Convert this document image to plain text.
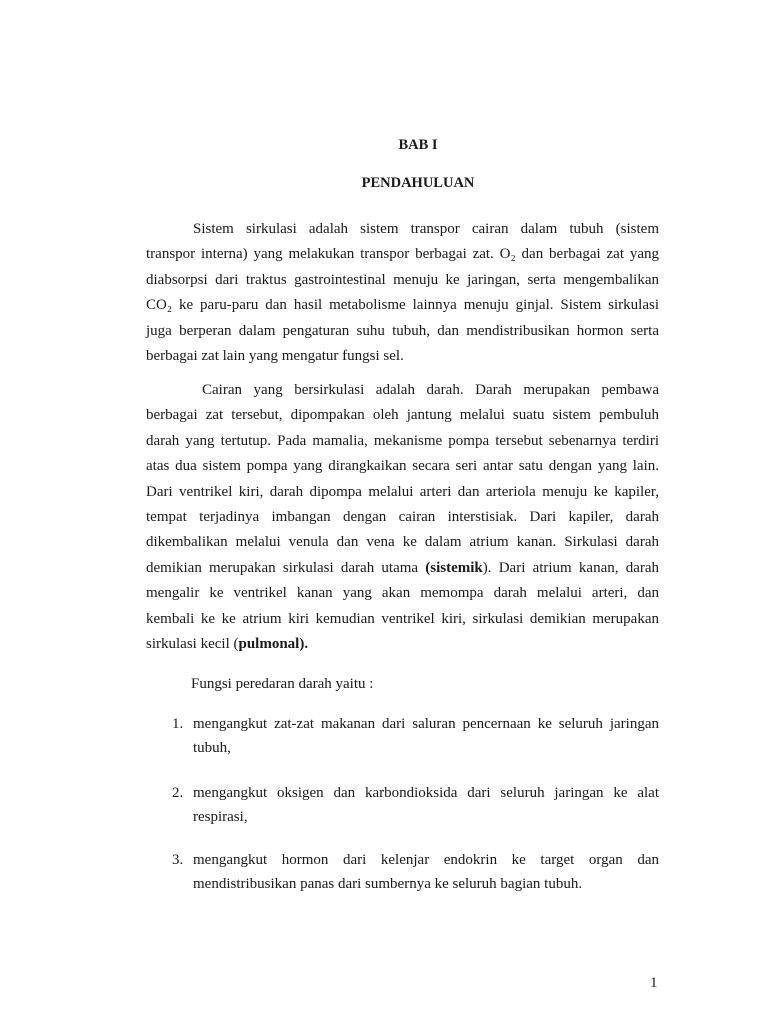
BAB I
PENDAHULUAN
Sistem sirkulasi adalah sistem transpor cairan dalam tubuh (sistem
transpor interna) yang melakukan transpor berbagai zat. O₂ dan berbagai zat yang
diabsorpsi dari traktus gastrointestinal menuju ke jaringan, serta mengembalikan
CO₂ ke paru-paru dan hasil metabolisme lainnya menuju ginjal. Sistem sirkulasi
juga berperan dalam pengaturan suhu tubuh, dan mendistribusikan hormon serta
berbagai zat lain yang mengatur fungsi sel.
Cairan yang bersirkulasi adalah darah. Darah merupakan pembawa
berbagai zat tersebut, dipompakan oleh jantung melalui suatu sistem pembuluh
darah yang tertutup. Pada mamalia, mekanisme pompa tersebut sebenarnya terdiri
atas dua sistem pompa yang dirangkaikan secara seri antar satu dengan yang lain.
Dari ventrikel kiri, darah dipompa melalui arteri dan arteriola menuju ke kapiler,
tempat terjadinya imbangan dengan cairan interstisiak. Dari kapiler, darah
dikembalikan melalui venula dan vena ke dalam atrium kanan. Sirkulasi darah
demikian merupakan sirkulasi darah utama (sistemik). Dari atrium kanan, darah
mengalir ke ventrikel kanan yang akan memompa darah melalui arteri, dan
kembali ke ke atrium kiri kemudian ventrikel kiri, sirkulasi demikian merupakan
sirkulasi kecil (pulmonal).
Fungsi peredaran darah yaitu :
1. mengangkut zat-zat makanan dari saluran pencernaan ke seluruh jaringan
tubuh,
2. mengangkut oksigen dan karbondioksida dari seluruh jaringan ke alat
respirasi,
3. mengangkut hormon dari kelenjar endokrin ke target organ dan
mendistribusikan panas dari sumbernya ke seluruh bagian tubuh.
1
